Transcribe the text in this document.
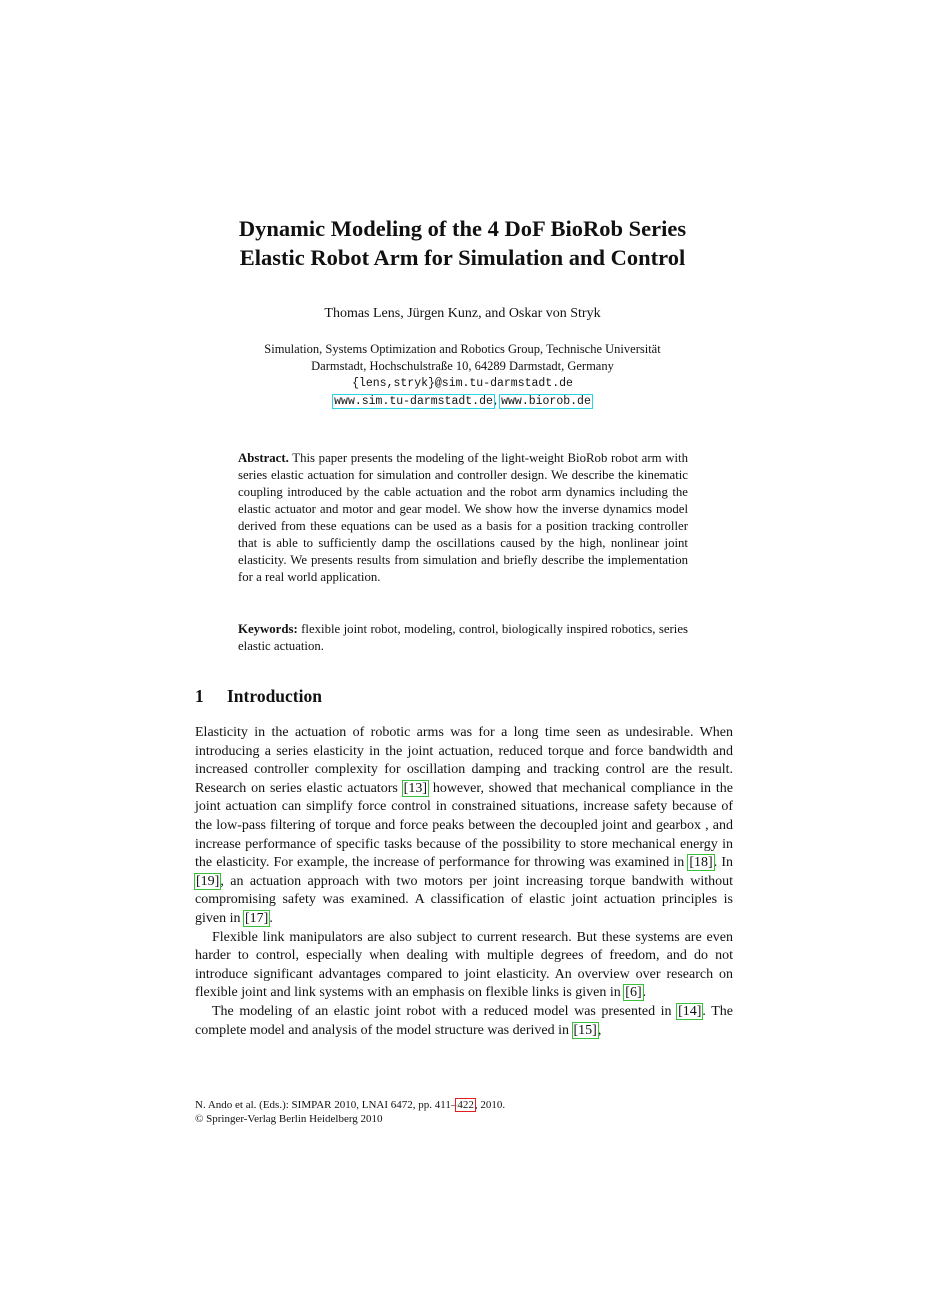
Dynamic Modeling of the 4 DoF BioRob Series
Elastic Robot Arm for Simulation and Control
Thomas Lens, Jürgen Kunz, and Oskar von Stryk
Simulation, Systems Optimization and Robotics Group, Technische Universität
Darmstadt, Hochschulstraße 10, 64289 Darmstadt, Germany
{lens,stryk}@sim.tu-darmstadt.de
www.sim.tu-darmstadt.de, www.biorob.de
Abstract. This paper presents the modeling of the light-weight BioRob robot arm with series elastic actuation for simulation and controller design. We describe the kinematic coupling introduced by the cable actuation and the robot arm dynamics including the elastic actuator and motor and gear model. We show how the inverse dynamics model derived from these equations can be used as a basis for a position tracking controller that is able to sufficiently damp the oscillations caused by the high, nonlinear joint elasticity. We presents results from simulation and briefly describe the implementation for a real world application.
Keywords: flexible joint robot, modeling, control, biologically inspired robotics, series elastic actuation.
1 Introduction

Elasticity in the actuation of robotic arms was for a long time seen as undesirable. When introducing a series elasticity in the joint actuation, reduced torque and force bandwidth and increased controller complexity for oscillation damping and tracking control are the result. Research on series elastic actuators [13] however, showed that mechanical compliance in the joint actuation can simplify force control in constrained situations, increase safety because of the low-pass filtering of torque and force peaks between the decoupled joint and gearbox , and increase performance of specific tasks because of the possibility to store mechanical energy in the elasticity. For example, the increase of performance for throwing was examined in [18]. In [19], an actuation approach with two motors per joint increasing torque bandwith without compromising safety was examined. A classification of elastic joint actuation principles is given in [17].

Flexible link manipulators are also subject to current research. But these systems are even harder to control, especially when dealing with multiple degrees of freedom, and do not introduce significant advantages compared to joint elasticity. An overview over research on flexible joint and link systems with an emphasis on flexible links is given in [6].

The modeling of an elastic joint robot with a reduced model was presented in [14]. The complete model and analysis of the model structure was derived in [15],

N. Ando et al. (Eds.): SIMPAR 2010, LNAI 6472, pp. 411–422, 2010.
© Springer-Verlag Berlin Heidelberg 2010
